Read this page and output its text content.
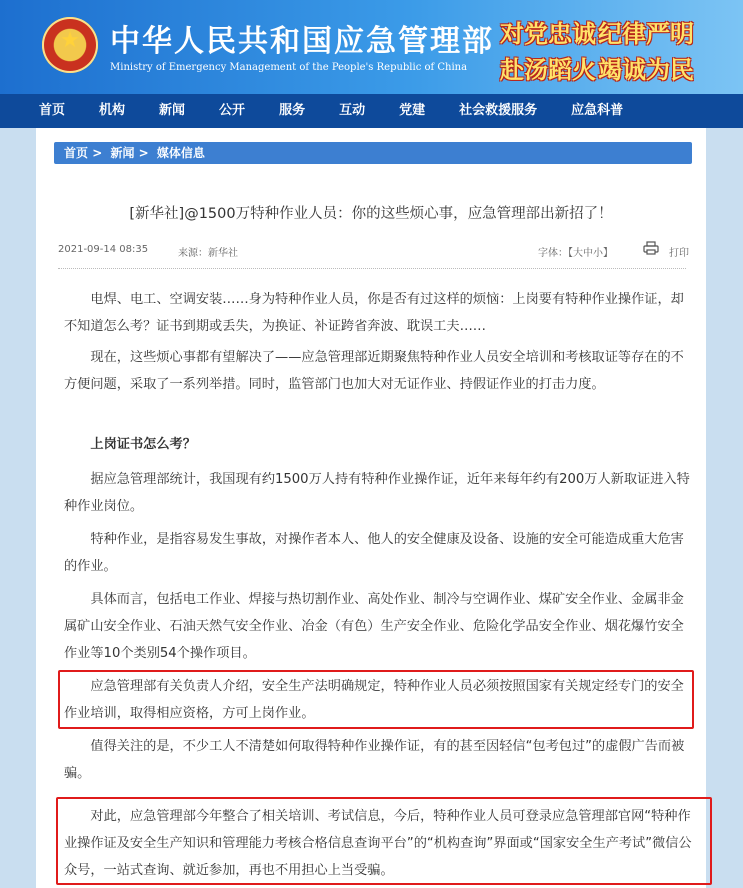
★	中华人民共和国应急管理部
Ministry of Emergency Management of the People's Republic of China
对党忠诚 纪律严明
赴汤蹈火 竭诚为民
首页	机构	新闻	公开	服务	互动	党建	社会救援服务	应急科普
首页 > 新闻 > 媒体信息
[新华社]@1500万特种作业人员：你的这些烦心事，应急管理部出新招了！
2021-09-14 08:35	来源：新华社	字体：【大中小】	打印

电焊、电工、空调安装……身为特种作业人员，你是否有过这样的烦恼：上岗要有特种作业操作证，却不知道怎么考？证书到期或丢失，为换证、补证跨省奔波、耽误工夫……

现在，这些烦心事都有望解决了——应急管理部近期聚焦特种作业人员安全培训和考核取证等存在的不方便问题，采取了一系列举措。同时，监管部门也加大对无证作业、持假证作业的打击力度。

上岗证书怎么考？

据应急管理部统计，我国现有约1500万人持有特种作业操作证，近年来每年约有200万人新取证进入特种作业岗位。

特种作业，是指容易发生事故，对操作者本人、他人的安全健康及设备、设施的安全可能造成重大危害的作业。

具体而言，包括电工作业、焊接与热切割作业、高处作业、制冷与空调作业、煤矿安全作业、金属非金属矿山安全作业、石油天然气安全作业、冶金（有色）生产安全作业、危险化学品安全作业、烟花爆竹安全作业等10个类别54个操作项目。

应急管理部有关负责人介绍，安全生产法明确规定，特种作业人员必须按照国家有关规定经专门的安全作业培训，取得相应资格，方可上岗作业。

值得关注的是，不少工人不清楚如何取得特种作业操作证，有的甚至因轻信“包考包过”的虚假广告而被骗。

对此，应急管理部今年整合了相关培训、考试信息，今后，特种作业人员可登录应急管理部官网“特种作业操作证及安全生产知识和管理能力考核合格信息查询平台”的“机构查询”界面或“国家安全生产考试”微信公众号，一站式查询、就近参加，再也不用担心上当受骗。
